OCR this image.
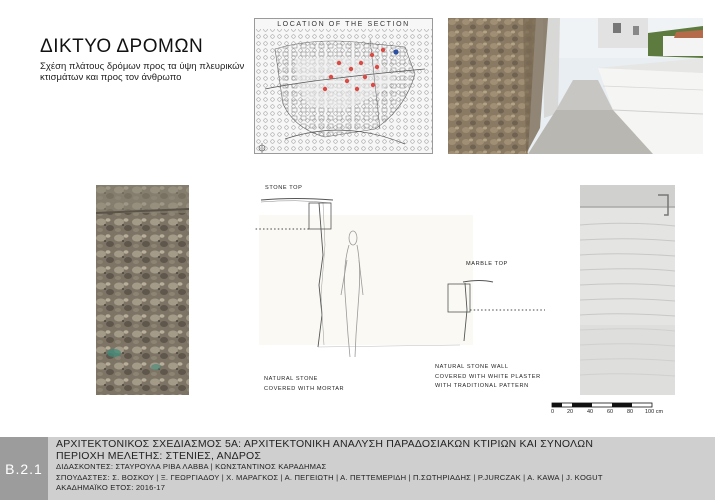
ΔΙΚΤΥΟ ΔΡΟΜΩΝ
Σχέση πλάτους δρόμων προς τα ύψη πλευρικών κτισμάτων και προς τον άνθρωπο
LOCATION OF THE SECTION
STONE TOP
MARBLE TOP
NATURAL STONE
COVERED WITH MORTAR
NATURAL STONE WALL
COVERED WITH WHITE PLASTER
WITH TRADITIONAL PATTERN
0 20	40	60	80 100 cm
B.2.1
ΑΡΧΙΤΕΚΤΟΝΙΚΟΣ ΣΧΕΔΙΑΣΜΟΣ 5Α: ΑΡΧΙΤΕΚΤΟΝΙΚΗ ΑΝΑΛΥΣΗ ΠΑΡΑΔΟΣΙΑΚΩΝ ΚΤΙΡΙΩΝ ΚΑΙ ΣΥΝΟΛΩΝ
ΠΕΡΙΟΧΗ ΜΕΛΕΤΗΣ: ΣΤΕΝΙΕΣ, ΑΝΔΡΟΣ
ΔΙΔΑΣΚΟΝΤΕΣ: ΣΤΑΥΡΟΥΛΑ ΡΙΒΑ ΛΑΒΒΑ | ΚΩΝΣΤΑΝΤΙΝΟΣ ΚΑΡΑΔΗΜΑΣ
ΣΠΟΥΔΑΣΤΕΣ: Σ. ΒΟΣΚΟΥ | Ξ. ΓΕΩΡΓΙΑΔΟΥ | Χ. ΜΑΡΑΓΚΟΣ | Α. ΠΕΓΕΙΩΤΗ | Α. ΠΕΤΤΕΜΕΡΙΔΗ | Π.ΣΩΤΗΡΙΑΔΗΣ | P.JURCZAK | A. KAWA | J. KOGUT
ΑΚΑΔΗΜΑΪΚΟ ΕΤΟΣ: 2016-17
